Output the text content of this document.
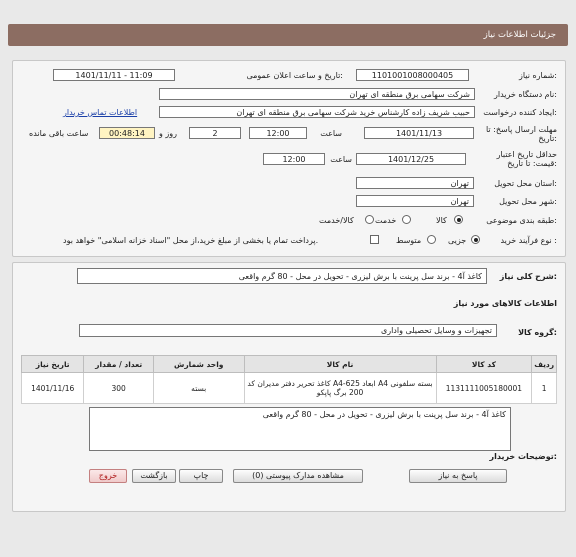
جزئیات اطلاعات نیاز
شماره نیاز:
1101001008000405
تاریخ و ساعت اعلان عمومی:
1401/11/11 - 11:09
نام دستگاه خریدار:
شرکت سهامی برق منطقه ای تهران
ایجاد کننده درخواست:
حبیب شریف زاده کارشناس خرید شرکت سهامی برق منطقه ای تهران
اطلاعات تماس خریدار
مهلت ارسال پاسخ: تا تاریخ:
1401/11/13
ساعت
12:00
2
روز و
00:48:14
ساعت باقی مانده
حداقل تاریخ اعتبار قیمت: تا تاریخ:
1401/12/25
ساعت
12:00
استان محل تحویل:
تهران
شهر محل تحویل:
تهران
طبقه بندی موضوعی:
کالا
خدمت
کالا/خدمت
نوع فرآیند خرید :
جزیی
متوسط
پرداخت تمام یا بخشی از مبلغ خرید،از محل "اسناد خزانه اسلامی" خواهد بود.
شرح کلی نیاز:
کاغذ آ4 - برند سل پرینت با برش لیزری - تحویل در محل - 80 گرم واقعی
اطلاعات کالاهای مورد نیاز
گروه کالا:
تجهیزات و وسایل تحصیلی واداری
تاریخ نیاز	تعداد / مقدار	واحد شمارش	نام کالا	کد کالا	ردیف
1401/11/16	300	بسته	کاغذ تحریر دفتر مدیران کد A4-625 ابعاد A4 بسته سلفونی 200 برگ پاپکو	1131111005180001	1
توضیحات خریدار:
کاغذ آ4 - برند سل پرینت با برش لیزری - تحویل در محل - 80 گرم واقعی
پاسخ به نیاز
مشاهده مدارک پیوستی (0)
چاپ
بازگشت
خروج
